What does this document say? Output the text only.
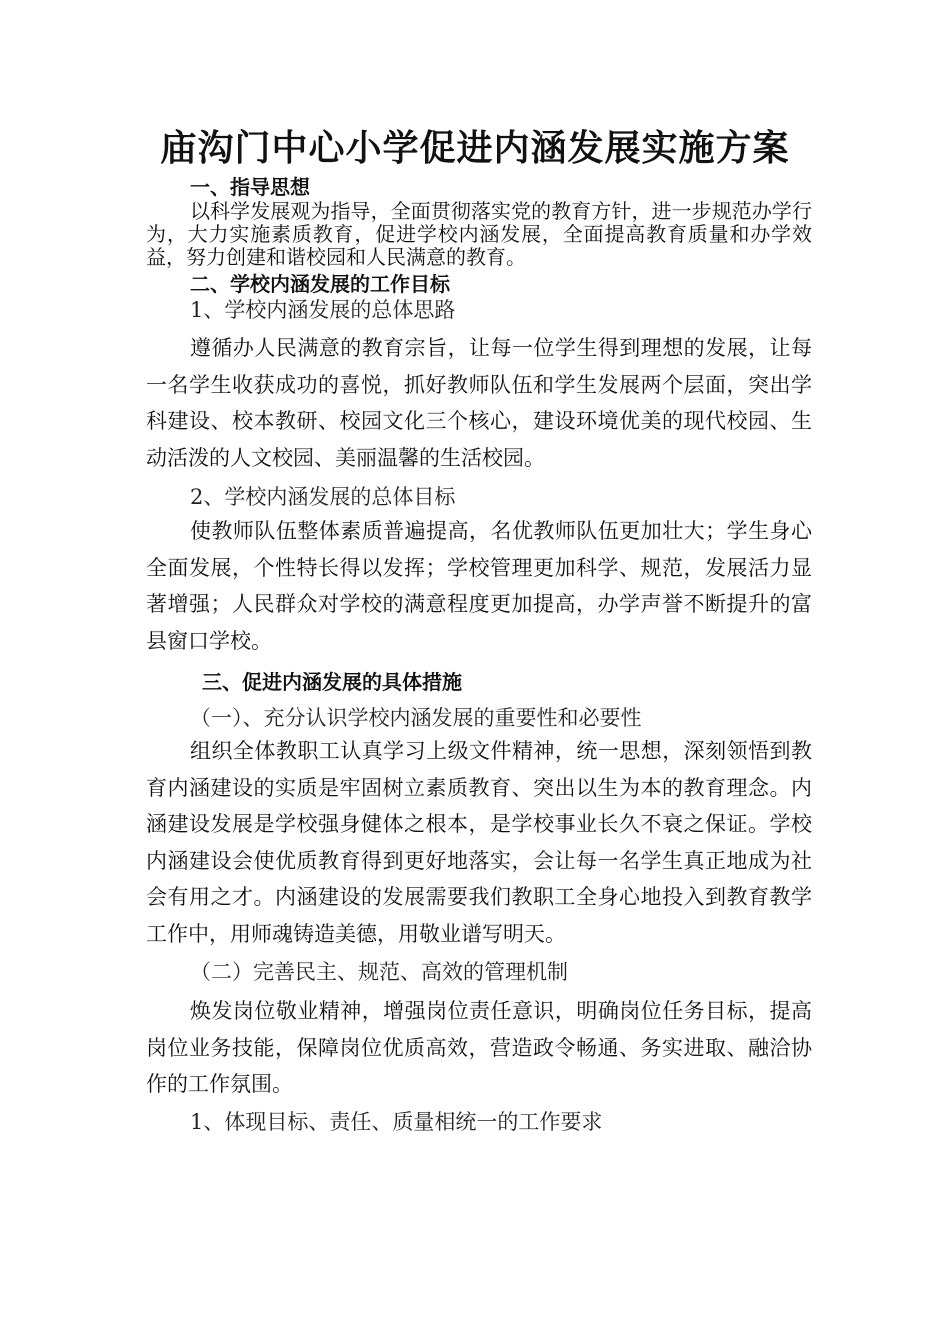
庙沟门中心小学促进内涵发展实施方案
一、指导思想
以科学发展观为指导，全面贯彻落实党的教育方针，进一步规范办学行为，大力实施素质教育，促进学校内涵发展，全面提高教育质量和办学效益，努力创建和谐校园和人民满意的教育。
二、学校内涵发展的工作目标
1、学校内涵发展的总体思路
遵循办人民满意的教育宗旨，让每一位学生得到理想的发展，让每一名学生收获成功的喜悦，抓好教师队伍和学生发展两个层面，突出学科建设、校本教研、校园文化三个核心，建设环境优美的现代校园、生动活泼的人文校园、美丽温馨的生活校园。
2、学校内涵发展的总体目标
使教师队伍整体素质普遍提高，名优教师队伍更加壮大；学生身心全面发展，个性特长得以发挥；学校管理更加科学、规范，发展活力显著增强；人民群众对学校的满意程度更加提高，办学声誉不断提升的富县窗口学校。
三、促进内涵发展的具体措施
（一）、充分认识学校内涵发展的重要性和必要性
组织全体教职工认真学习上级文件精神，统一思想，深刻领悟到教育内涵建设的实质是牢固树立素质教育、突出以生为本的教育理念。内涵建设发展是学校强身健体之根本，是学校事业长久不衰之保证。学校内涵建设会使优质教育得到更好地落实，会让每一名学生真正地成为社会有用之才。内涵建设的发展需要我们教职工全身心地投入到教育教学工作中，用师魂铸造美德，用敬业谱写明天。
（二）完善民主、规范、高效的管理机制
焕发岗位敬业精神，增强岗位责任意识，明确岗位任务目标，提高岗位业务技能，保障岗位优质高效，营造政令畅通、务实进取、融洽协作的工作氛围。
1、体现目标、责任、质量相统一的工作要求
